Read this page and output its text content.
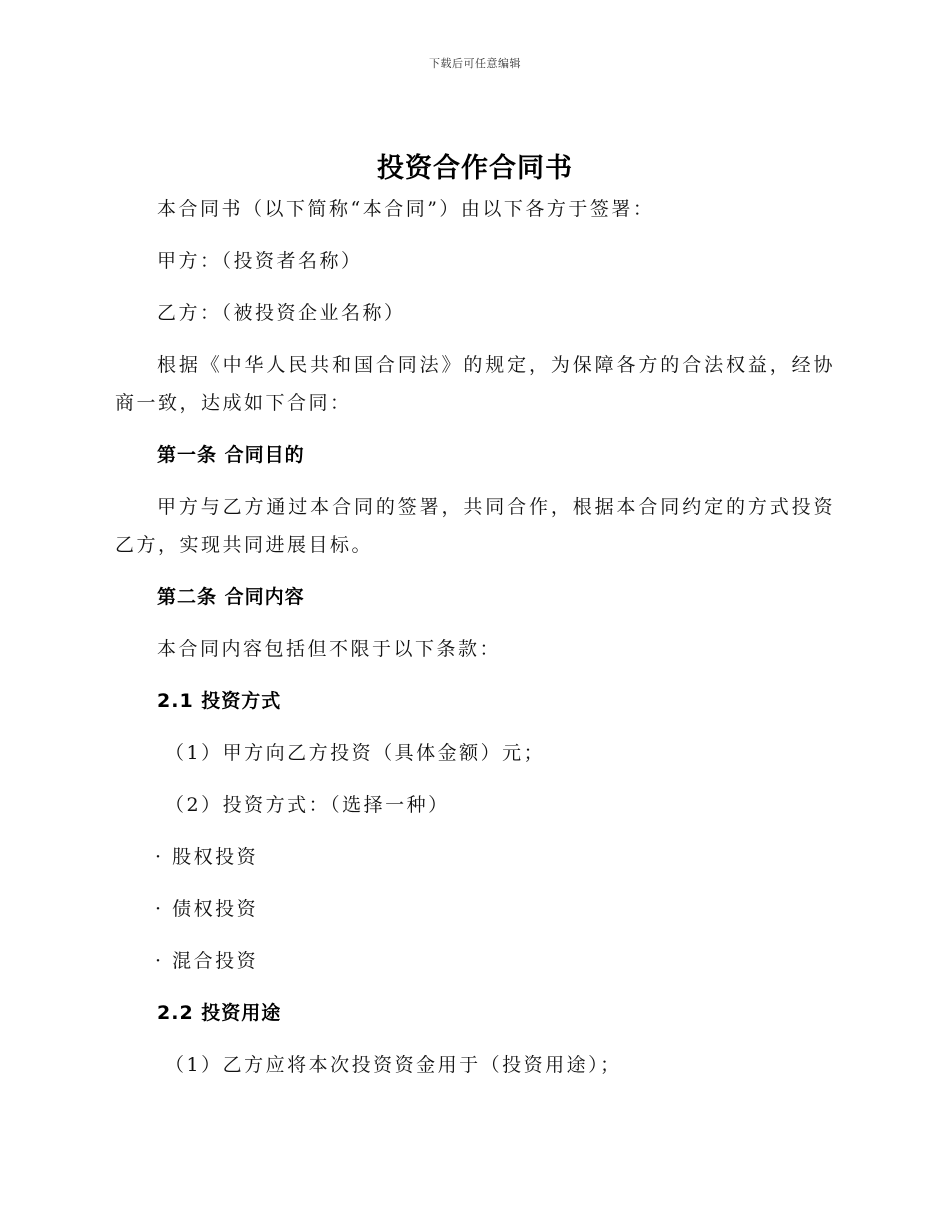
下载后可任意编辑
投资合作合同书

本合同书（以下简称“本合同”）由以下各方于签署：

甲方：（投资者名称）

乙方：（被投资企业名称）

根据《中华人民共和国合同法》的规定，为保障各方的合法权益，经协商一致，达成如下合同：

第一条 合同目的

甲方与乙方通过本合同的签署，共同合作，根据本合同约定的方式投资乙方，实现共同进展目标。

第二条 合同内容

本合同内容包括但不限于以下条款：

2.1 投资方式
（1）甲方向乙方投资（具体金额）元；
（2）投资方式：（选择一种）
· 股权投资
· 债权投资
· 混合投资
2.2 投资用途
（1）乙方应将本次投资资金用于（投资用途）；
